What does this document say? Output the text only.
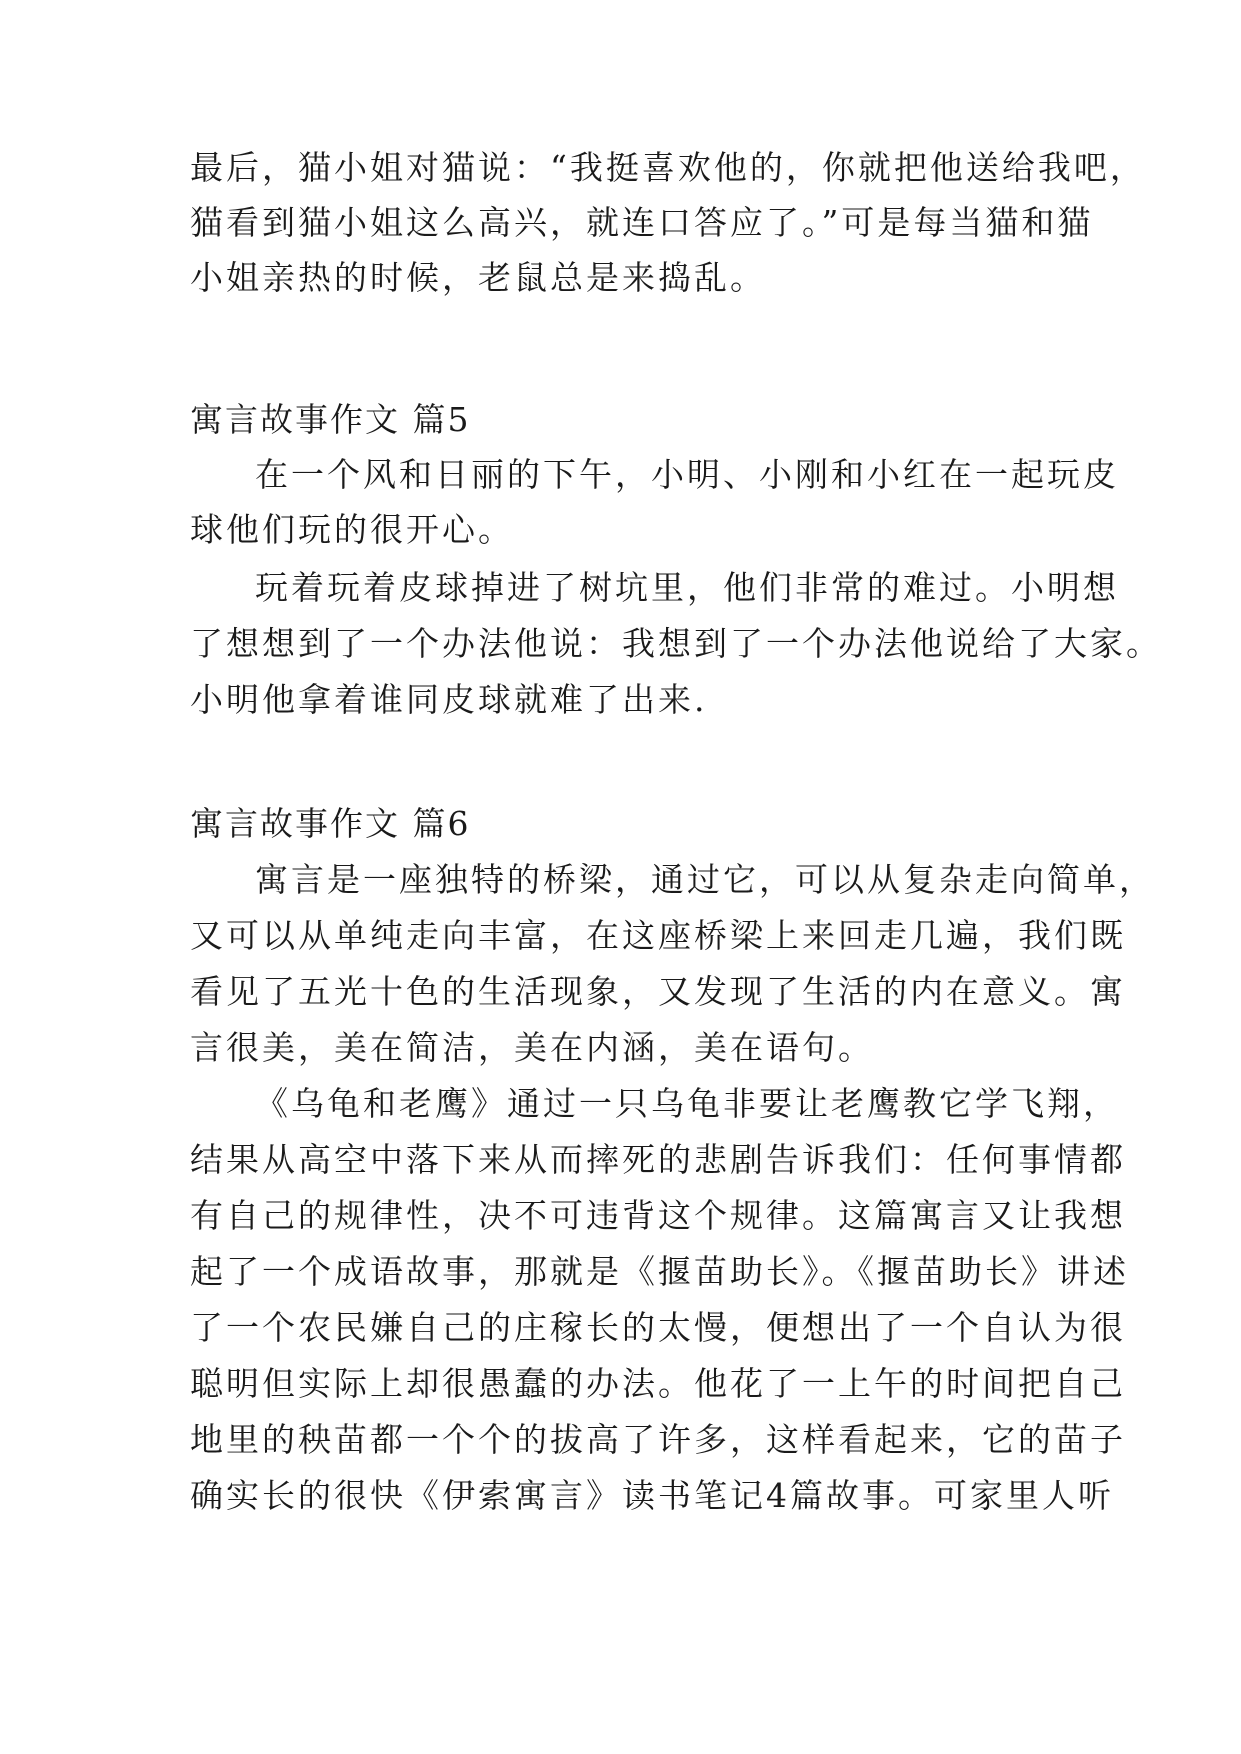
最后，猫小姐对猫说：“我挺喜欢他的，你就把他送给我吧，
猫看到猫小姐这么高兴，就连口答应了。”可是每当猫和猫
小姐亲热的时候，老鼠总是来捣乱。
寓言故事作文 篇5
在一个风和日丽的下午，小明、小刚和小红在一起玩皮
球他们玩的很开心。
玩着玩着皮球掉进了树坑里，他们非常的难过。小明想
了想想到了一个办法他说：我想到了一个办法他说给了大家。
小明他拿着谁同皮球就难了出来.
寓言故事作文 篇6
寓言是一座独特的桥梁，通过它，可以从复杂走向简单，
又可以从单纯走向丰富，在这座桥梁上来回走几遍，我们既
看见了五光十色的生活现象，又发现了生活的内在意义。寓
言很美，美在简洁，美在内涵，美在语句。
《乌龟和老鹰》通过一只乌龟非要让老鹰教它学飞翔，
结果从高空中落下来从而摔死的悲剧告诉我们：任何事情都
有自己的规律性，决不可违背这个规律。这篇寓言又让我想
起了一个成语故事，那就是《揠苗助长》。《揠苗助长》讲述
了一个农民嫌自己的庄稼长的太慢，便想出了一个自认为很
聪明但实际上却很愚蠢的办法。他花了一上午的时间把自己
地里的秧苗都一个个的拔高了许多，这样看起来，它的苗子
确实长的很快《伊索寓言》读书笔记4篇故事。可家里人听
